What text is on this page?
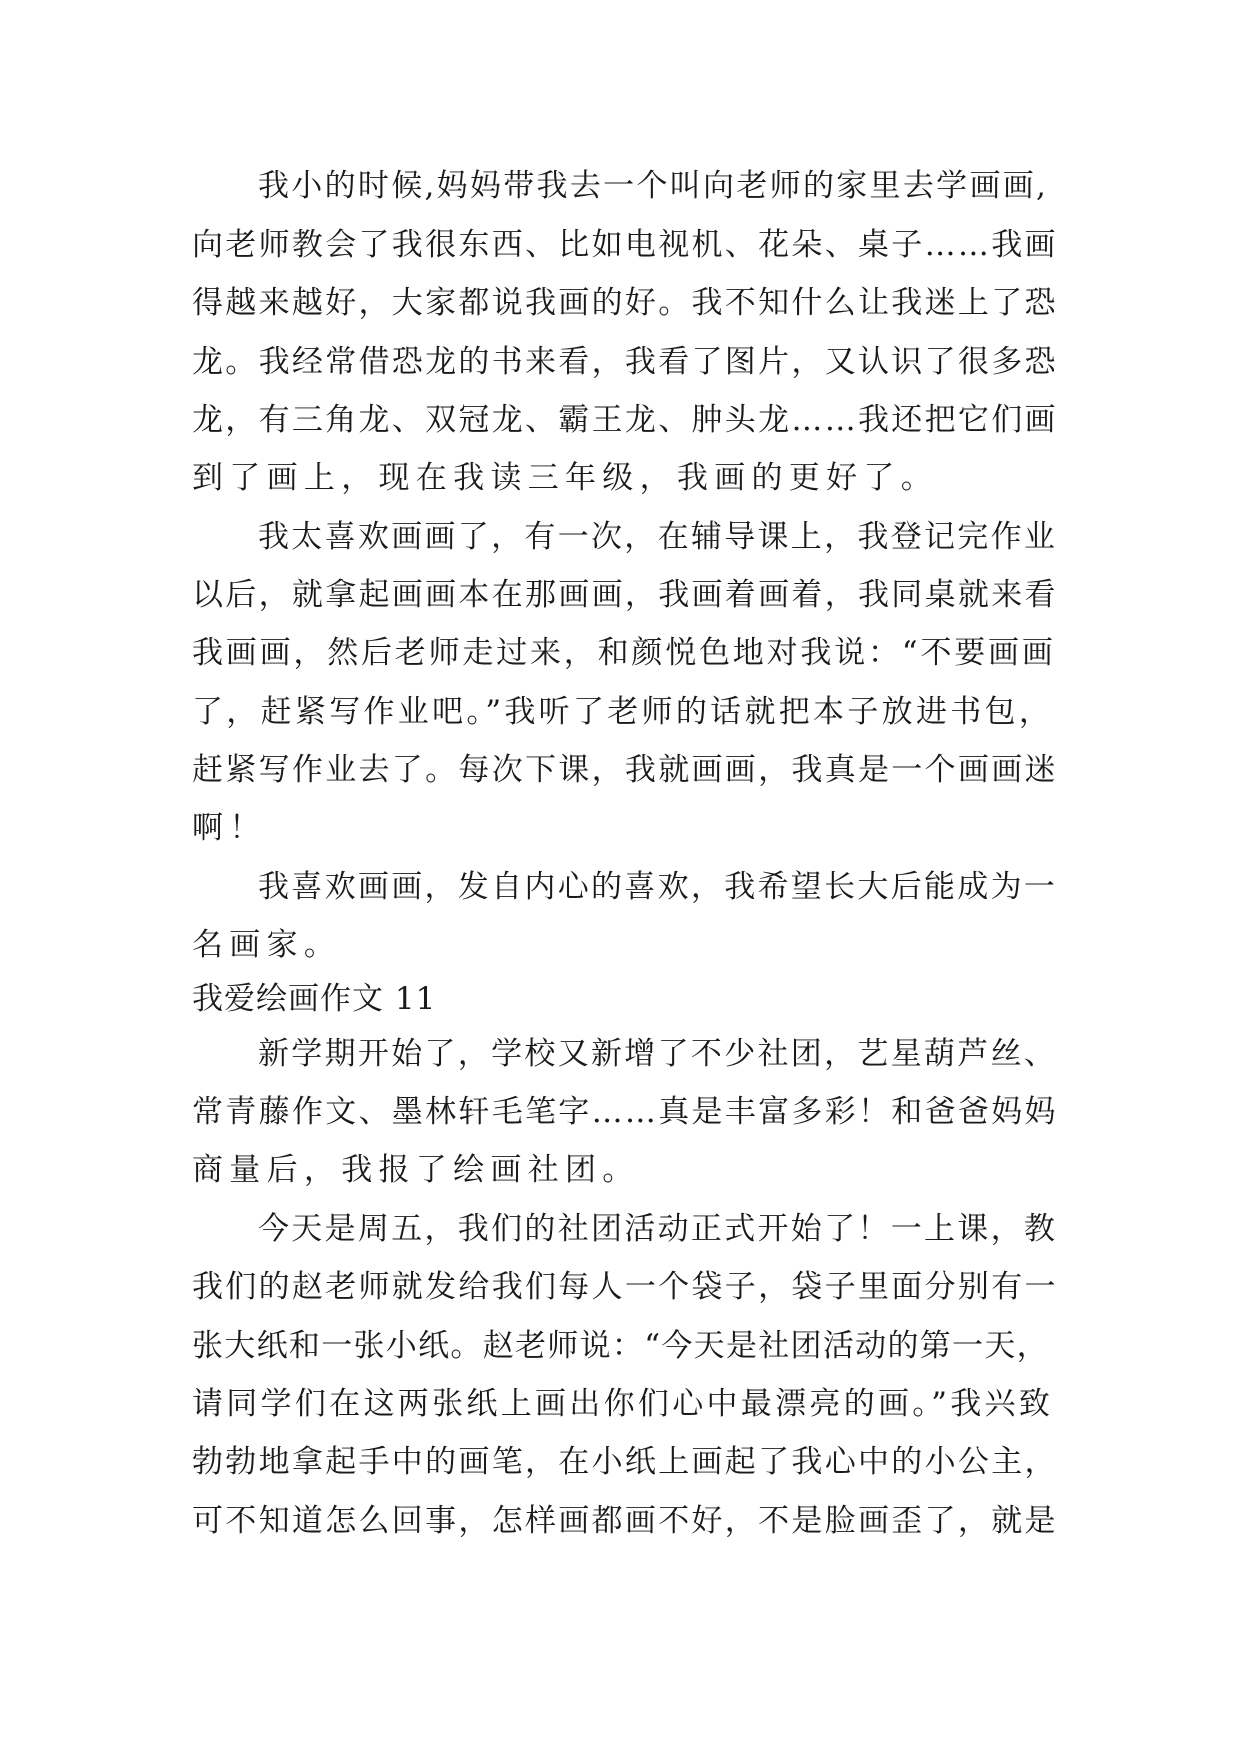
我小的时候,妈妈带我去一个叫向老师的家里去学画画,
向老师教会了我很东西、比如电视机、花朵、桌子……我画
得越来越好，大家都说我画的好。我不知什么让我迷上了恐
龙。我经常借恐龙的书来看，我看了图片，又认识了很多恐
龙，有三角龙、双冠龙、霸王龙、肿头龙……我还把它们画
到了画上，现在我读三年级，我画的更好了。
我太喜欢画画了，有一次，在辅导课上，我登记完作业
以后，就拿起画画本在那画画，我画着画着，我同桌就来看
我画画，然后老师走过来，和颜悦色地对我说：“不要画画
了，赶紧写作业吧。”我听了老师的话就把本子放进书包，
赶紧写作业去了。每次下课，我就画画，我真是一个画画迷
啊！
我喜欢画画，发自内心的喜欢，我希望长大后能成为一
名画家。
我爱绘画作文 11
新学期开始了，学校又新增了不少社团，艺星葫芦丝、
常青藤作文、墨林轩毛笔字……真是丰富多彩！和爸爸妈妈
商量后，我报了绘画社团。
今天是周五，我们的社团活动正式开始了！一上课，教
我们的赵老师就发给我们每人一个袋子，袋子里面分别有一
张大纸和一张小纸。赵老师说：“今天是社团活动的第一天，
请同学们在这两张纸上画出你们心中最漂亮的画。”我兴致
勃勃地拿起手中的画笔，在小纸上画起了我心中的小公主，
可不知道怎么回事，怎样画都画不好，不是脸画歪了，就是
